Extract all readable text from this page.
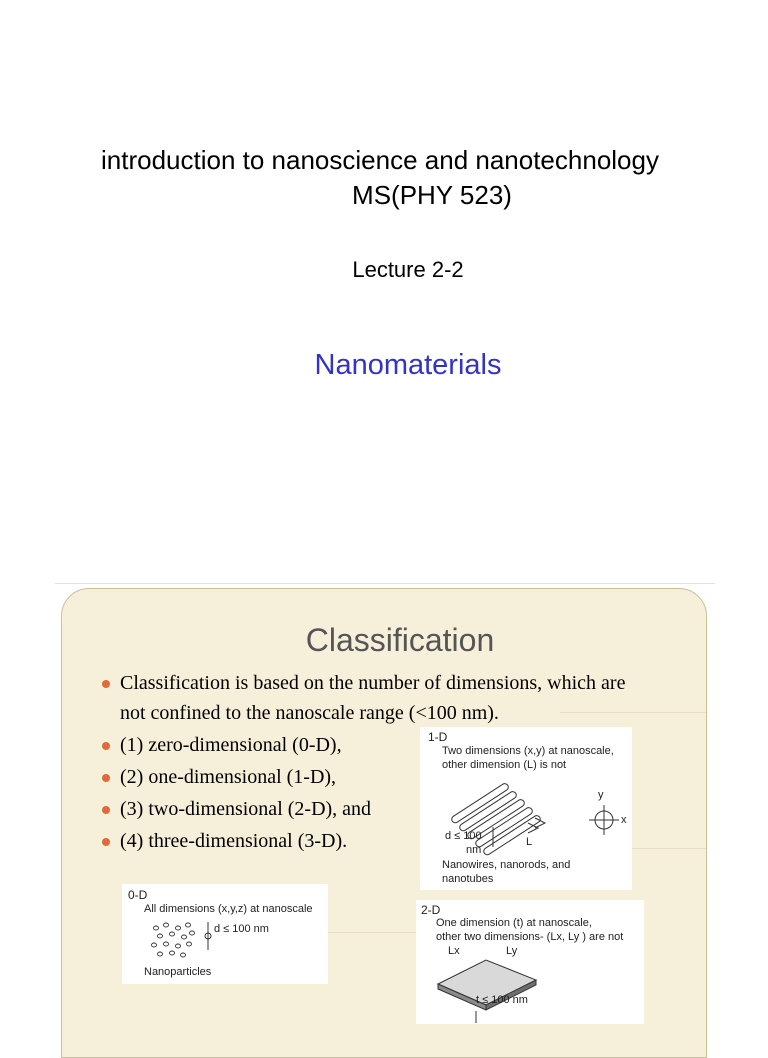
introduction to nanoscience and nanotechnology
MS(PHY 523)
Lecture 2-2
Nanomaterials
Classification
Classification is based on the number of dimensions, which are not confined to the nanoscale range (<100 nm).
(1) zero-dimensional (0-D),
(2) one-dimensional (1-D),
(3) two-dimensional (2-D), and
(4) three-dimensional (3-D).
1-D
Two dimensions (x,y) at nanoscale,
other dimension (L) is not
d ≤ 100
nm
L
y
x
Nanowires, nanorods, and
nanotubes
0-D
All dimensions (x,y,z) at nanoscale
d ≤ 100 nm
Nanoparticles
2-D
One dimension (t) at nanoscale,
other two dimensions- (Lx, Ly ) are not
Lx	Ly
t ≤ 100 nm
